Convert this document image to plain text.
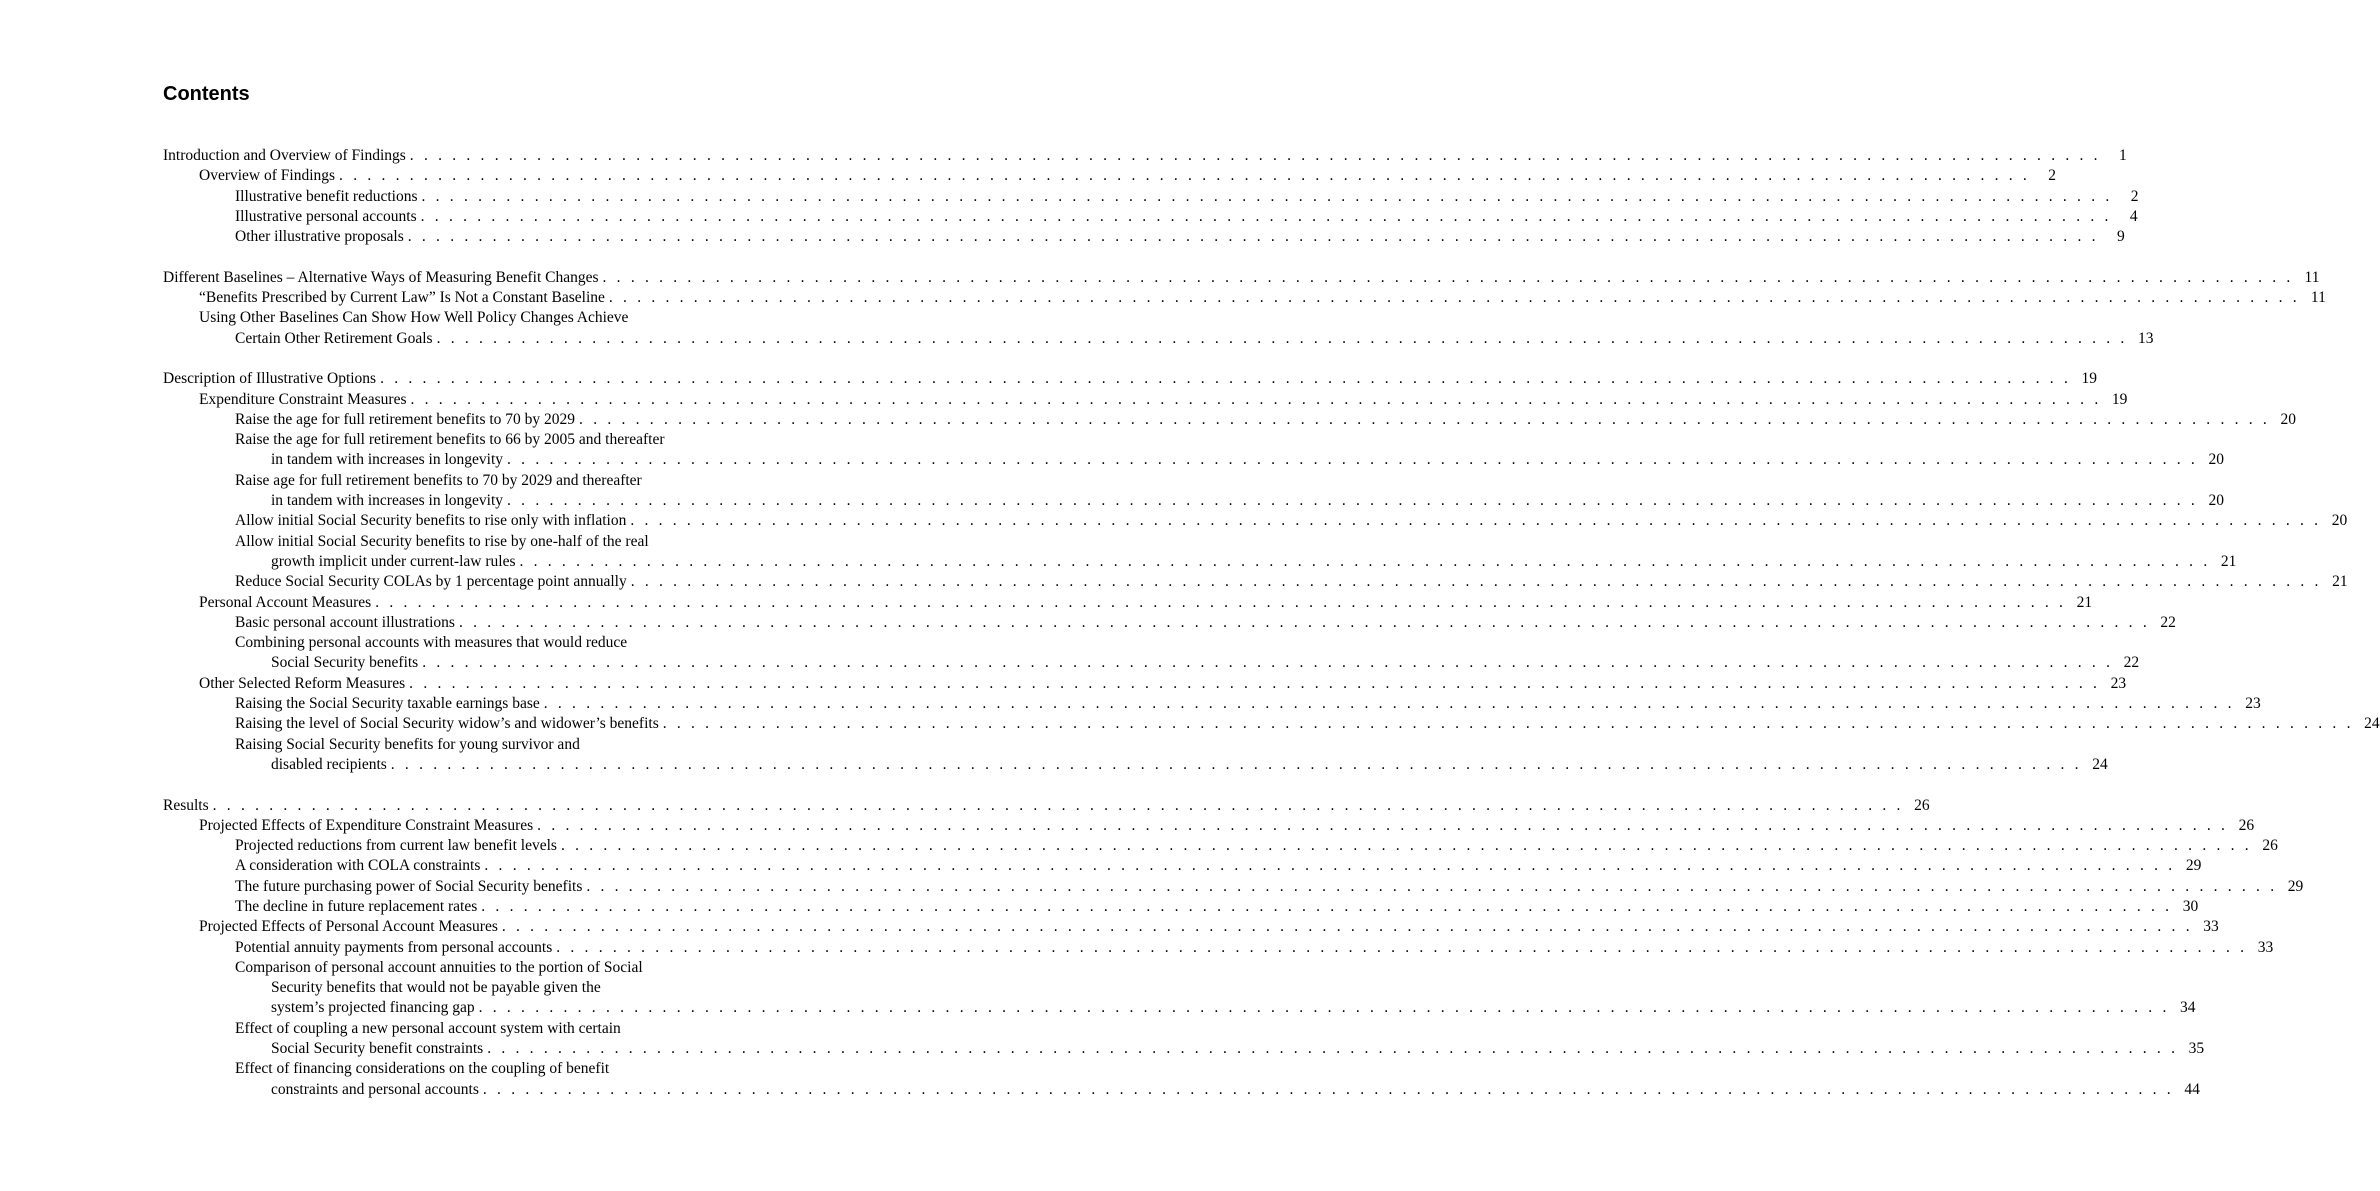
Contents
Introduction and Overview of Findings . . . . . . . . . . . . . . . . . . . . . . . . . . . . . . . . . . . . . . . . . . . . . . . . . . . . . . . . . . . . . . . . . . . . . . . . . . . . . . . . . . . . . . . . . . . . . . . . . . . . . . . . . . . . . . . . . . . . . . . .	1
Overview of Findings . . . . . . . . . . . . . . . . . . . . . . . . . . . . . . . . . . . . . . . . . . . . . . . . . . . . . . . . . . . . . . . . . . . . . . . . . . . . . . . . . . . . . . . . . . . . . . . . . . . . . . . . . . . . . . . . . . . . . . . .	2
Illustrative benefit reductions . . . . . . . . . . . . . . . . . . . . . . . . . . . . . . . . . . . . . . . . . . . . . . . . . . . . . . . . . . . . . . . . . . . . . . . . . . . . . . . . . . . . . . . . . . . . . . . . . . . . . . . . . . . . . . . . . . . . . . . .	2
Illustrative personal accounts . . . . . . . . . . . . . . . . . . . . . . . . . . . . . . . . . . . . . . . . . . . . . . . . . . . . . . . . . . . . . . . . . . . . . . . . . . . . . . . . . . . . . . . . . . . . . . . . . . . . . . . . . . . . . . . . . . . . . . . .	4
Other illustrative proposals . . . . . . . . . . . . . . . . . . . . . . . . . . . . . . . . . . . . . . . . . . . . . . . . . . . . . . . . . . . . . . . . . . . . . . . . . . . . . . . . . . . . . . . . . . . . . . . . . . . . . . . . . . . . . . . . . . . . . . . .	9
Different Baselines – Alternative Ways of Measuring Benefit Changes . . . . . . . . . . . . . . . . . . . . . . . . . . . . . . . . . . . . . . . . . . . . . . . . . . . . . . . . . . . . . . . . . . . . . . . . . . . . . . . . . . . . . . . . . . . . . . . . . . . . . . . . . . . . . . . . . . . . . . . . 11
“Benefits Prescribed by Current Law” Is Not a Constant Baseline . . . . . . . . . . . . . . . . . . . . . . . . . . . . . . . . . . . . . . . . . . . . . . . . . . . . . . . . . . . . . . . . . . . . . . . . . . . . . . . . . . . . . . . . . . . . . . . . . . . . . . . . . . . . . . . . . . . . . . . . 11
Using Other Baselines Can Show How Well Policy Changes Achieve
Certain Other Retirement Goals . . . . . . . . . . . . . . . . . . . . . . . . . . . . . . . . . . . . . . . . . . . . . . . . . . . . . . . . . . . . . . . . . . . . . . . . . . . . . . . . . . . . . . . . . . . . . . . . . . . . . . . . . . . . . . . . . . . . . . . . 13
Description of Illustrative Options . . . . . . . . . . . . . . . . . . . . . . . . . . . . . . . . . . . . . . . . . . . . . . . . . . . . . . . . . . . . . . . . . . . . . . . . . . . . . . . . . . . . . . . . . . . . . . . . . . . . . . . . . . . . . . . . . . . . . . . . 19
Expenditure Constraint Measures . . . . . . . . . . . . . . . . . . . . . . . . . . . . . . . . . . . . . . . . . . . . . . . . . . . . . . . . . . . . . . . . . . . . . . . . . . . . . . . . . . . . . . . . . . . . . . . . . . . . . . . . . . . . . . . . . . . . . . . . 19
Raise the age for full retirement benefits to 70 by 2029 . . . . . . . . . . . . . . . . . . . . . . . . . . . . . . . . . . . . . . . . . . . . . . . . . . . . . . . . . . . . . . . . . . . . . . . . . . . . . . . . . . . . . . . . . . . . . . . . . . . . . . . . . . . . . . . . . . . . . . . . 20
Raise the age for full retirement benefits to 66 by 2005 and thereafter
in tandem with increases in longevity . . . . . . . . . . . . . . . . . . . . . . . . . . . . . . . . . . . . . . . . . . . . . . . . . . . . . . . . . . . . . . . . . . . . . . . . . . . . . . . . . . . . . . . . . . . . . . . . . . . . . . . . . . . . . . . . . . . . . . . . 20
Raise age for full retirement benefits to 70 by 2029 and thereafter
in tandem with increases in longevity . . . . . . . . . . . . . . . . . . . . . . . . . . . . . . . . . . . . . . . . . . . . . . . . . . . . . . . . . . . . . . . . . . . . . . . . . . . . . . . . . . . . . . . . . . . . . . . . . . . . . . . . . . . . . . . . . . . . . . . . 20
Allow initial Social Security benefits to rise only with inflation . . . . . . . . . . . . . . . . . . . . . . . . . . . . . . . . . . . . . . . . . . . . . . . . . . . . . . . . . . . . . . . . . . . . . . . . . . . . . . . . . . . . . . . . . . . . . . . . . . . . . . . . . . . . . . . . . . . . . . . . 20
Allow initial Social Security benefits to rise by one-half of the real
growth implicit under current-law rules . . . . . . . . . . . . . . . . . . . . . . . . . . . . . . . . . . . . . . . . . . . . . . . . . . . . . . . . . . . . . . . . . . . . . . . . . . . . . . . . . . . . . . . . . . . . . . . . . . . . . . . . . . . . . . . . . . . . . . . . 21
Reduce Social Security COLAs by 1 percentage point annually . . . . . . . . . . . . . . . . . . . . . . . . . . . . . . . . . . . . . . . . . . . . . . . . . . . . . . . . . . . . . . . . . . . . . . . . . . . . . . . . . . . . . . . . . . . . . . . . . . . . . . . . . . . . . . . . . . . . . . . . 21
Personal Account Measures . . . . . . . . . . . . . . . . . . . . . . . . . . . . . . . . . . . . . . . . . . . . . . . . . . . . . . . . . . . . . . . . . . . . . . . . . . . . . . . . . . . . . . . . . . . . . . . . . . . . . . . . . . . . . . . . . . . . . . . . 21
Basic personal account illustrations . . . . . . . . . . . . . . . . . . . . . . . . . . . . . . . . . . . . . . . . . . . . . . . . . . . . . . . . . . . . . . . . . . . . . . . . . . . . . . . . . . . . . . . . . . . . . . . . . . . . . . . . . . . . . . . . . . . . . . . . 22
Combining personal accounts with measures that would reduce
Social Security benefits . . . . . . . . . . . . . . . . . . . . . . . . . . . . . . . . . . . . . . . . . . . . . . . . . . . . . . . . . . . . . . . . . . . . . . . . . . . . . . . . . . . . . . . . . . . . . . . . . . . . . . . . . . . . . . . . . . . . . . . . 22
Other Selected Reform Measures . . . . . . . . . . . . . . . . . . . . . . . . . . . . . . . . . . . . . . . . . . . . . . . . . . . . . . . . . . . . . . . . . . . . . . . . . . . . . . . . . . . . . . . . . . . . . . . . . . . . . . . . . . . . . . . . . . . . . . . . 23
Raising the Social Security taxable earnings base . . . . . . . . . . . . . . . . . . . . . . . . . . . . . . . . . . . . . . . . . . . . . . . . . . . . . . . . . . . . . . . . . . . . . . . . . . . . . . . . . . . . . . . . . . . . . . . . . . . . . . . . . . . . . . . . . . . . . . . . 23
Raising the level of Social Security widow’s and widower’s benefits . . . . . . . . . . . . . . . . . . . . . . . . . . . . . . . . . . . . . . . . . . . . . . . . . . . . . . . . . . . . . . . . . . . . . . . . . . . . . . . . . . . . . . . . . . . . . . . . . . . . . . . . . . . . . . . . . . . . . . . . 24
Raising Social Security benefits for young survivor and
disabled recipients . . . . . . . . . . . . . . . . . . . . . . . . . . . . . . . . . . . . . . . . . . . . . . . . . . . . . . . . . . . . . . . . . . . . . . . . . . . . . . . . . . . . . . . . . . . . . . . . . . . . . . . . . . . . . . . . . . . . . . . . 24
Results . . . . . . . . . . . . . . . . . . . . . . . . . . . . . . . . . . . . . . . . . . . . . . . . . . . . . . . . . . . . . . . . . . . . . . . . . . . . . . . . . . . . . . . . . . . . . . . . . . . . . . . . . . . . . . . . . . . . . . . . 26
Projected Effects of Expenditure Constraint Measures . . . . . . . . . . . . . . . . . . . . . . . . . . . . . . . . . . . . . . . . . . . . . . . . . . . . . . . . . . . . . . . . . . . . . . . . . . . . . . . . . . . . . . . . . . . . . . . . . . . . . . . . . . . . . . . . . . . . . . . . 26
Projected reductions from current law benefit levels . . . . . . . . . . . . . . . . . . . . . . . . . . . . . . . . . . . . . . . . . . . . . . . . . . . . . . . . . . . . . . . . . . . . . . . . . . . . . . . . . . . . . . . . . . . . . . . . . . . . . . . . . . . . . . . . . . . . . . . . 26
A consideration with COLA constraints . . . . . . . . . . . . . . . . . . . . . . . . . . . . . . . . . . . . . . . . . . . . . . . . . . . . . . . . . . . . . . . . . . . . . . . . . . . . . . . . . . . . . . . . . . . . . . . . . . . . . . . . . . . . . . . . . . . . . . . . 29
The future purchasing power of Social Security benefits . . . . . . . . . . . . . . . . . . . . . . . . . . . . . . . . . . . . . . . . . . . . . . . . . . . . . . . . . . . . . . . . . . . . . . . . . . . . . . . . . . . . . . . . . . . . . . . . . . . . . . . . . . . . . . . . . . . . . . . . 29
The decline in future replacement rates . . . . . . . . . . . . . . . . . . . . . . . . . . . . . . . . . . . . . . . . . . . . . . . . . . . . . . . . . . . . . . . . . . . . . . . . . . . . . . . . . . . . . . . . . . . . . . . . . . . . . . . . . . . . . . . . . . . . . . . . 30
Projected Effects of Personal Account Measures . . . . . . . . . . . . . . . . . . . . . . . . . . . . . . . . . . . . . . . . . . . . . . . . . . . . . . . . . . . . . . . . . . . . . . . . . . . . . . . . . . . . . . . . . . . . . . . . . . . . . . . . . . . . . . . . . . . . . . . . 33
Potential annuity payments from personal accounts . . . . . . . . . . . . . . . . . . . . . . . . . . . . . . . . . . . . . . . . . . . . . . . . . . . . . . . . . . . . . . . . . . . . . . . . . . . . . . . . . . . . . . . . . . . . . . . . . . . . . . . . . . . . . . . . . . . . . . . . 33
Comparison of personal account annuities to the portion of Social
Security benefits that would not be payable given the
system’s projected financing gap . . . . . . . . . . . . . . . . . . . . . . . . . . . . . . . . . . . . . . . . . . . . . . . . . . . . . . . . . . . . . . . . . . . . . . . . . . . . . . . . . . . . . . . . . . . . . . . . . . . . . . . . . . . . . . . . . . . . . . . . 34
Effect of coupling a new personal account system with certain
Social Security benefit constraints . . . . . . . . . . . . . . . . . . . . . . . . . . . . . . . . . . . . . . . . . . . . . . . . . . . . . . . . . . . . . . . . . . . . . . . . . . . . . . . . . . . . . . . . . . . . . . . . . . . . . . . . . . . . . . . . . . . . . . . . 35
Effect of financing considerations on the coupling of benefit
constraints and personal accounts . . . . . . . . . . . . . . . . . . . . . . . . . . . . . . . . . . . . . . . . . . . . . . . . . . . . . . . . . . . . . . . . . . . . . . . . . . . . . . . . . . . . . . . . . . . . . . . . . . . . . . . . . . . . . . . . . . . . . . . . 44
